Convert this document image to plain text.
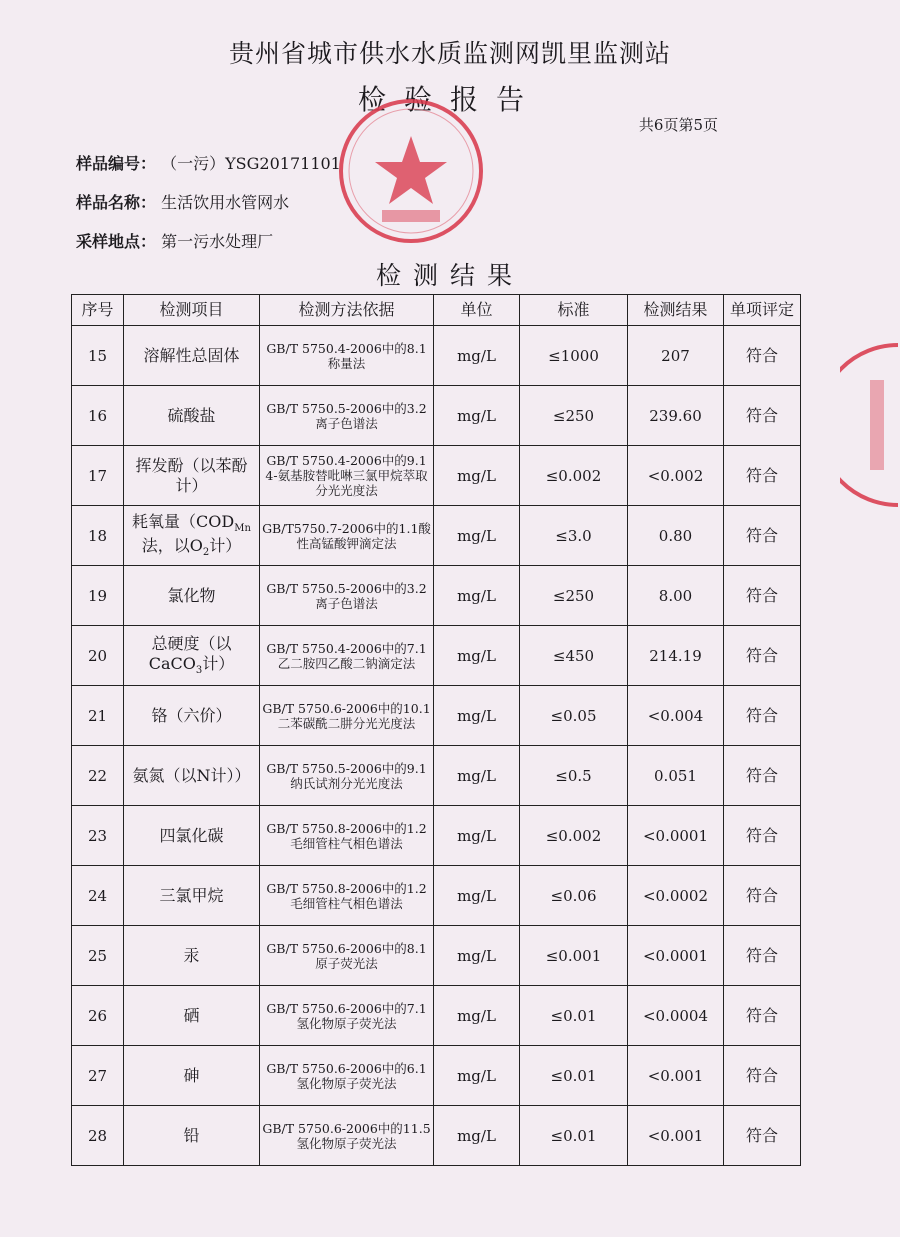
贵州省城市供水水质监测网凯里监测站
检验报告
共6页第5页
样品编号： （一污）YSG20171101
样品名称： 生活饮用水管网水
采样地点： 第一污水处理厂
检测结果
序号	检测项目	检测方法依据	单位	标准	检测结果	单项评定
15	溶解性总固体	GB/T 5750.4-2006中的8.1称量法	mg/L	≤1000	207	符合
16	硫酸盐	GB/T 5750.5-2006中的3.2离子色谱法	mg/L	≤250	239.60	符合
17	挥发酚（以苯酚计）	GB/T 5750.4-2006中的9.1 4-氨基胺替吡啉三氯甲烷萃取分光光度法	mg/L	≤0.002	<0.002	符合
18	耗氧量（$COD_{Mn}$法，以$O_2$计）	GB/T5750.7-2006中的1.1酸性高锰酸钾滴定法	mg/L	≤3.0	0.80	符合
19	氯化物	GB/T 5750.5-2006中的3.2离子色谱法	mg/L	≤250	8.00	符合
20	总硬度（以CaCO$_3$计）	GB/T 5750.4-2006中的7.1乙二胺四乙酸二钠滴定法	mg/L	≤450	214.19	符合
21	铬（六价）	GB/T 5750.6-2006中的10.1 二苯碳酰二肼分光光度法	mg/L	≤0.05	<0.004	符合
22	氨氮（以N计））	GB/T 5750.5-2006中的9.1纳氏试剂分光光度法	mg/L	≤0.5	0.051	符合
23	四氯化碳	GB/T 5750.8-2006中的1.2毛细管柱气相色谱法	mg/L	≤0.002	<0.0001	符合
24	三氯甲烷	GB/T 5750.8-2006中的1.2毛细管柱气相色谱法	mg/L	≤0.06	<0.0002	符合
25	汞	GB/T 5750.6-2006中的8.1原子荧光法	mg/L	≤0.001	<0.0001	符合
26	硒	GB/T 5750.6-2006中的7.1氢化物原子荧光法	mg/L	≤0.01	<0.0004	符合
27	砷	GB/T 5750.6-2006中的6.1氢化物原子荧光法	mg/L	≤0.01	<0.001	符合
28	铅	GB/T 5750.6-2006中的11.5 氢化物原子荧光法	mg/L	≤0.01	<0.001	符合
